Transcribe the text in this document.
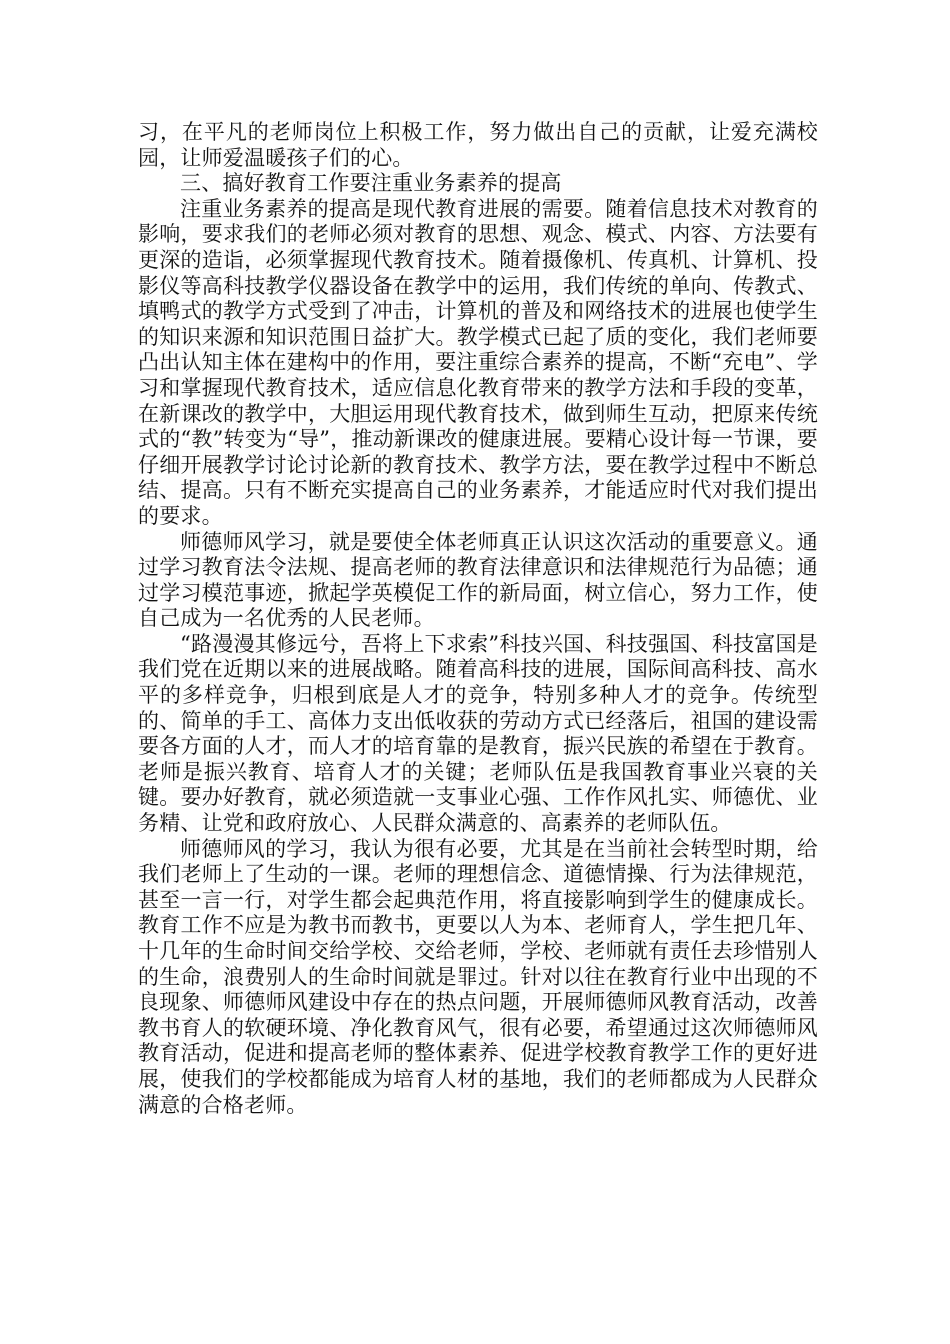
习，在平凡的老师岗位上积极工作，努力做出自己的贡献，让爱充满校园，让师爱温暖孩子们的心。

三、搞好教育工作要注重业务素养的提高

注重业务素养的提高是现代教育进展的需要。随着信息技术对教育的影响，要求我们的老师必须对教育的思想、观念、模式、内容、方法要有更深的造诣，必须掌握现代教育技术。随着摄像机、传真机、计算机、投影仪等高科技教学仪器设备在教学中的运用，我们传统的单向、传教式、填鸭式的教学方式受到了冲击，计算机的普及和网络技术的进展也使学生的知识来源和知识范围日益扩大。教学模式已起了质的变化，我们老师要凸出认知主体在建构中的作用，要注重综合素养的提高，不断“充电”、学习和掌握现代教育技术，适应信息化教育带来的教学方法和手段的变革，在新课改的教学中，大胆运用现代教育技术，做到师生互动，把原来传统式的“教”转变为“导”，推动新课改的健康进展。要精心设计每一节课，要仔细开展教学讨论讨论新的教育技术、教学方法，要在教学过程中不断总结、提高。只有不断充实提高自己的业务素养，才能适应时代对我们提出的要求。

师德师风学习，就是要使全体老师真正认识这次活动的重要意义。通过学习教育法令法规、提高老师的教育法律意识和法律规范行为品德；通过学习模范事迹，掀起学英模促工作的新局面，树立信心，努力工作，使自己成为一名优秀的人民老师。

“路漫漫其修远兮，吾将上下求索”科技兴国、科技强国、科技富国是我们党在近期以来的进展战略。随着高科技的进展，国际间高科技、高水平的多样竞争，归根到底是人才的竞争，特别多种人才的竞争。传统型的、简单的手工、高体力支出低收获的劳动方式已经落后，祖国的建设需要各方面的人才，而人才的培育靠的是教育，振兴民族的希望在于教育。老师是振兴教育、培育人才的关键；老师队伍是我国教育事业兴衰的关键。要办好教育，就必须造就一支事业心强、工作作风扎实、师德优、业务精、让党和政府放心、人民群众满意的、高素养的老师队伍。

师德师风的学习，我认为很有必要，尤其是在当前社会转型时期，给我们老师上了生动的一课。老师的理想信念、道德情操、行为法律规范，甚至一言一行，对学生都会起典范作用，将直接影响到学生的健康成长。教育工作不应是为教书而教书，更要以人为本、老师育人，学生把几年、十几年的生命时间交给学校、交给老师，学校、老师就有责任去珍惜别人的生命，浪费别人的生命时间就是罪过。针对以往在教育行业中出现的不良现象、师德师风建设中存在的热点问题，开展师德师风教育活动，改善教书育人的软硬环境、净化教育风气，很有必要，希望通过这次师德师风教育活动，促进和提高老师的整体素养、促进学校教育教学工作的更好进展，使我们的学校都能成为培育人材的基地，我们的老师都成为人民群众满意的合格老师。
